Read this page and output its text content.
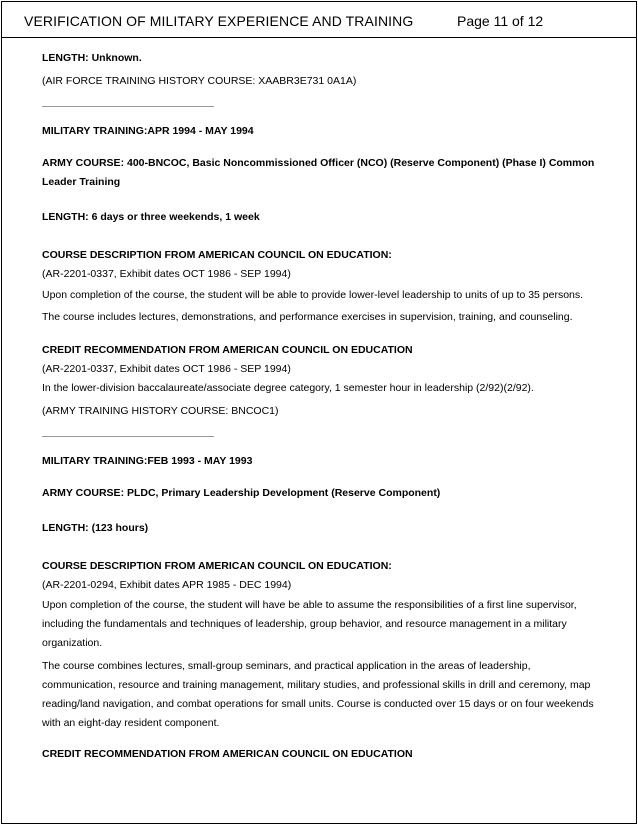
VERIFICATION OF MILITARY EXPERIENCE AND TRAINING	Page 11 of 12
LENGTH: Unknown.
(AIR FORCE TRAINING HISTORY COURSE: XAABR3E731 0A1A)
MILITARY TRAINING:APR 1994 - MAY 1994
ARMY COURSE: 400-BNCOC, Basic Noncommissioned Officer (NCO) (Reserve Component) (Phase I) Common
Leader Training
LENGTH: 6 days or three weekends, 1 week
COURSE DESCRIPTION FROM AMERICAN COUNCIL ON EDUCATION:
(AR-2201-0337, Exhibit dates OCT 1986 - SEP 1994)
Upon completion of the course, the student will be able to provide lower-level leadership to units of up to 35 persons.
The course includes lectures, demonstrations, and performance exercises in supervision, training, and counseling.
CREDIT RECOMMENDATION FROM AMERICAN COUNCIL ON EDUCATION
(AR-2201-0337, Exhibit dates OCT 1986 - SEP 1994)
In the lower-division baccalaureate/associate degree category, 1 semester hour in leadership (2/92)(2/92).
(ARMY TRAINING HISTORY COURSE: BNCOC1)
MILITARY TRAINING:FEB 1993 - MAY 1993
ARMY COURSE: PLDC, Primary Leadership Development (Reserve Component)
LENGTH: (123 hours)
COURSE DESCRIPTION FROM AMERICAN COUNCIL ON EDUCATION:
(AR-2201-0294, Exhibit dates APR 1985 - DEC 1994)
Upon completion of the course, the student will have be able to assume the responsibilities of a first line supervisor,
including the fundamentals and techniques of leadership, group behavior, and resource management in a military
organization.
The course combines lectures, small-group seminars, and practical application in the areas of leadership,
communication, resource and training management, military studies, and professional skills in drill and ceremony, map
reading/land navigation, and combat operations for small units. Course is conducted over 15 days or on four weekends
with an eight-day resident component.
CREDIT RECOMMENDATION FROM AMERICAN COUNCIL ON EDUCATION
